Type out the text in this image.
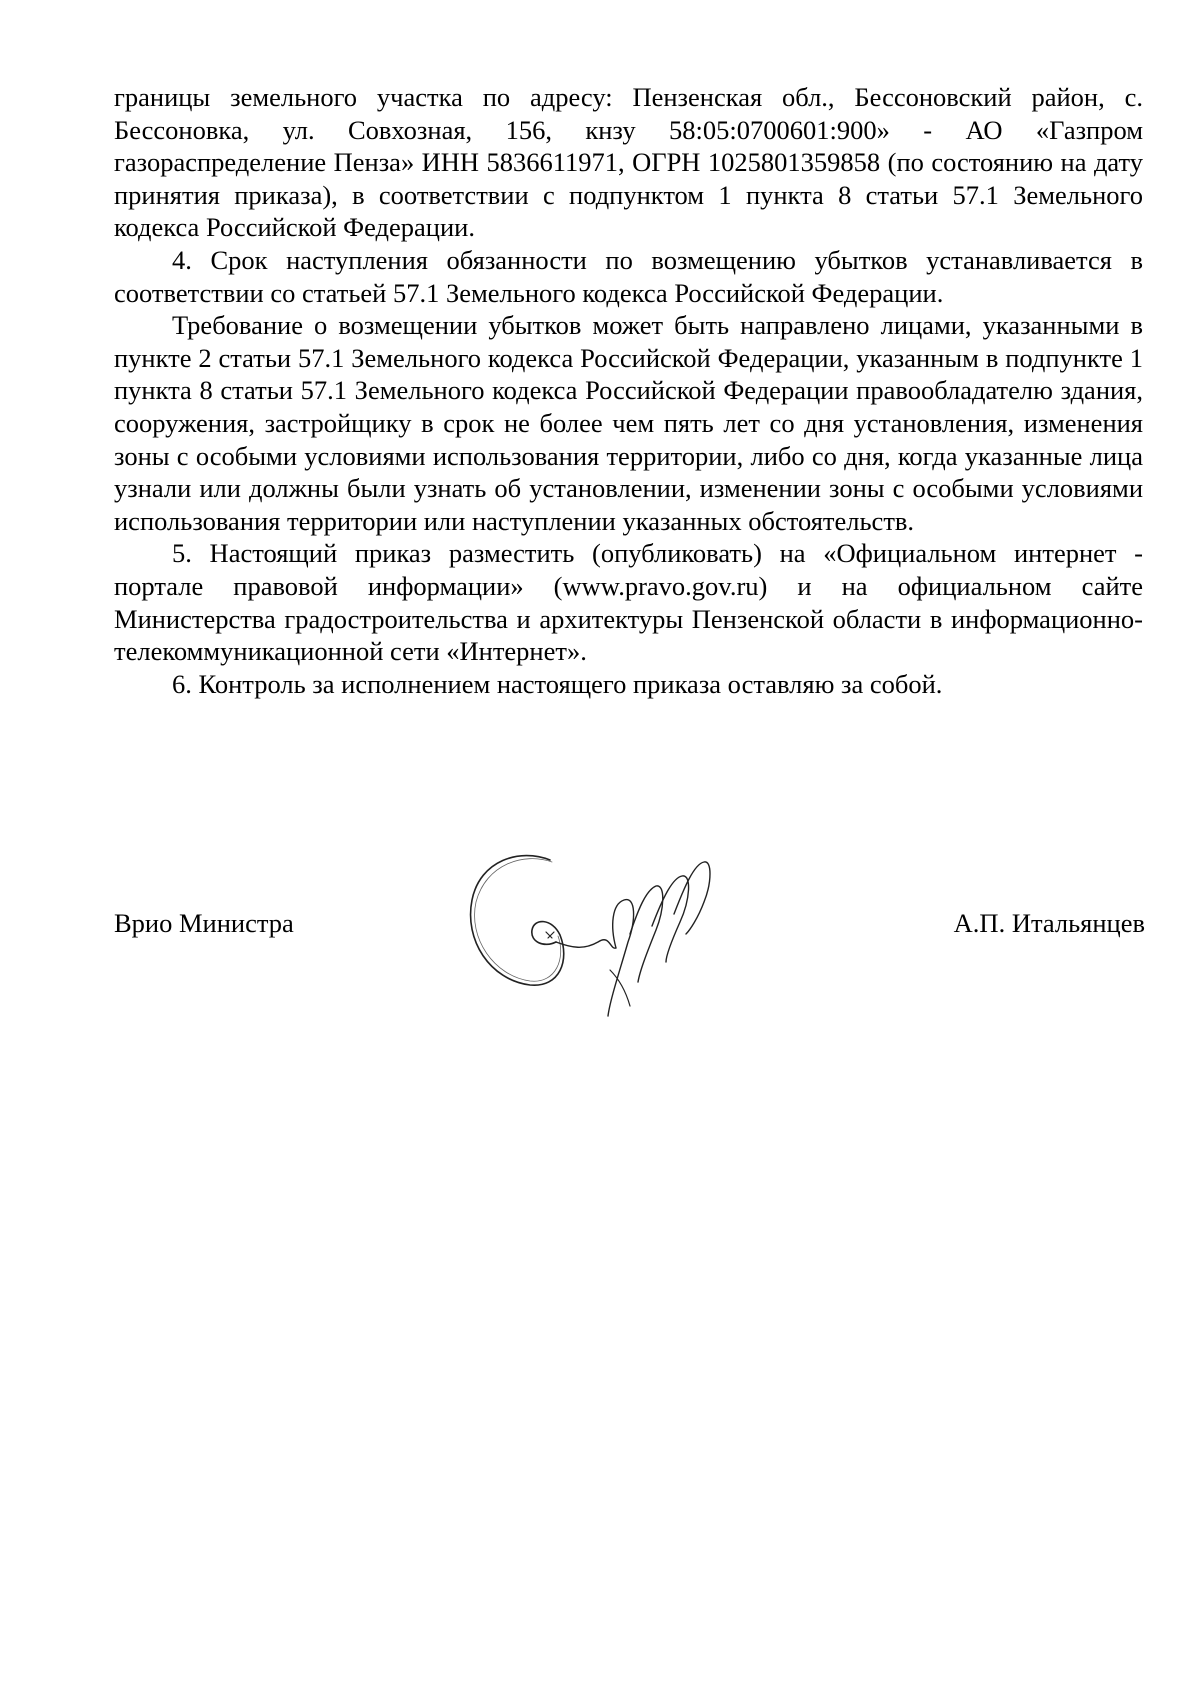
границы земельного участка по адресу: Пензенская обл., Бессоновский район, с. Бессоновка, ул. Совхозная, 156, кнзу 58:05:0700601:900» - АО «Газпром газораспределение Пенза» ИНН 5836611971, ОГРН 1025801359858 (по состоянию на дату принятия приказа), в соответствии с подпунктом 1 пункта 8 статьи 57.1 Земельного кодекса Российской Федерации.

4. Срок наступления обязанности по возмещению убытков устанавливается в соответствии со статьей 57.1 Земельного кодекса Российской Федерации.

Требование о возмещении убытков может быть направлено лицами, указанными в пункте 2 статьи 57.1 Земельного кодекса Российской Федерации, указанным в подпункте 1 пункта 8 статьи 57.1 Земельного кодекса Российской Федерации правообладателю здания, сооружения, застройщику в срок не более чем пять лет со дня установления, изменения зоны с особыми условиями использования территории, либо со дня, когда указанные лица узнали или должны были узнать об установлении, изменении зоны с особыми условиями использования территории или наступлении указанных обстоятельств.

5. Настоящий приказ разместить (опубликовать) на «Официальном интернет - портале правовой информации» (www.pravo.gov.ru) и на официальном сайте Министерства градостроительства и архитектуры Пензенской области в информационно-телекоммуникационной сети «Интернет».

6. Контроль за исполнением настоящего приказа оставляю за собой.

Врио Министра	А.П. Итальянцев
